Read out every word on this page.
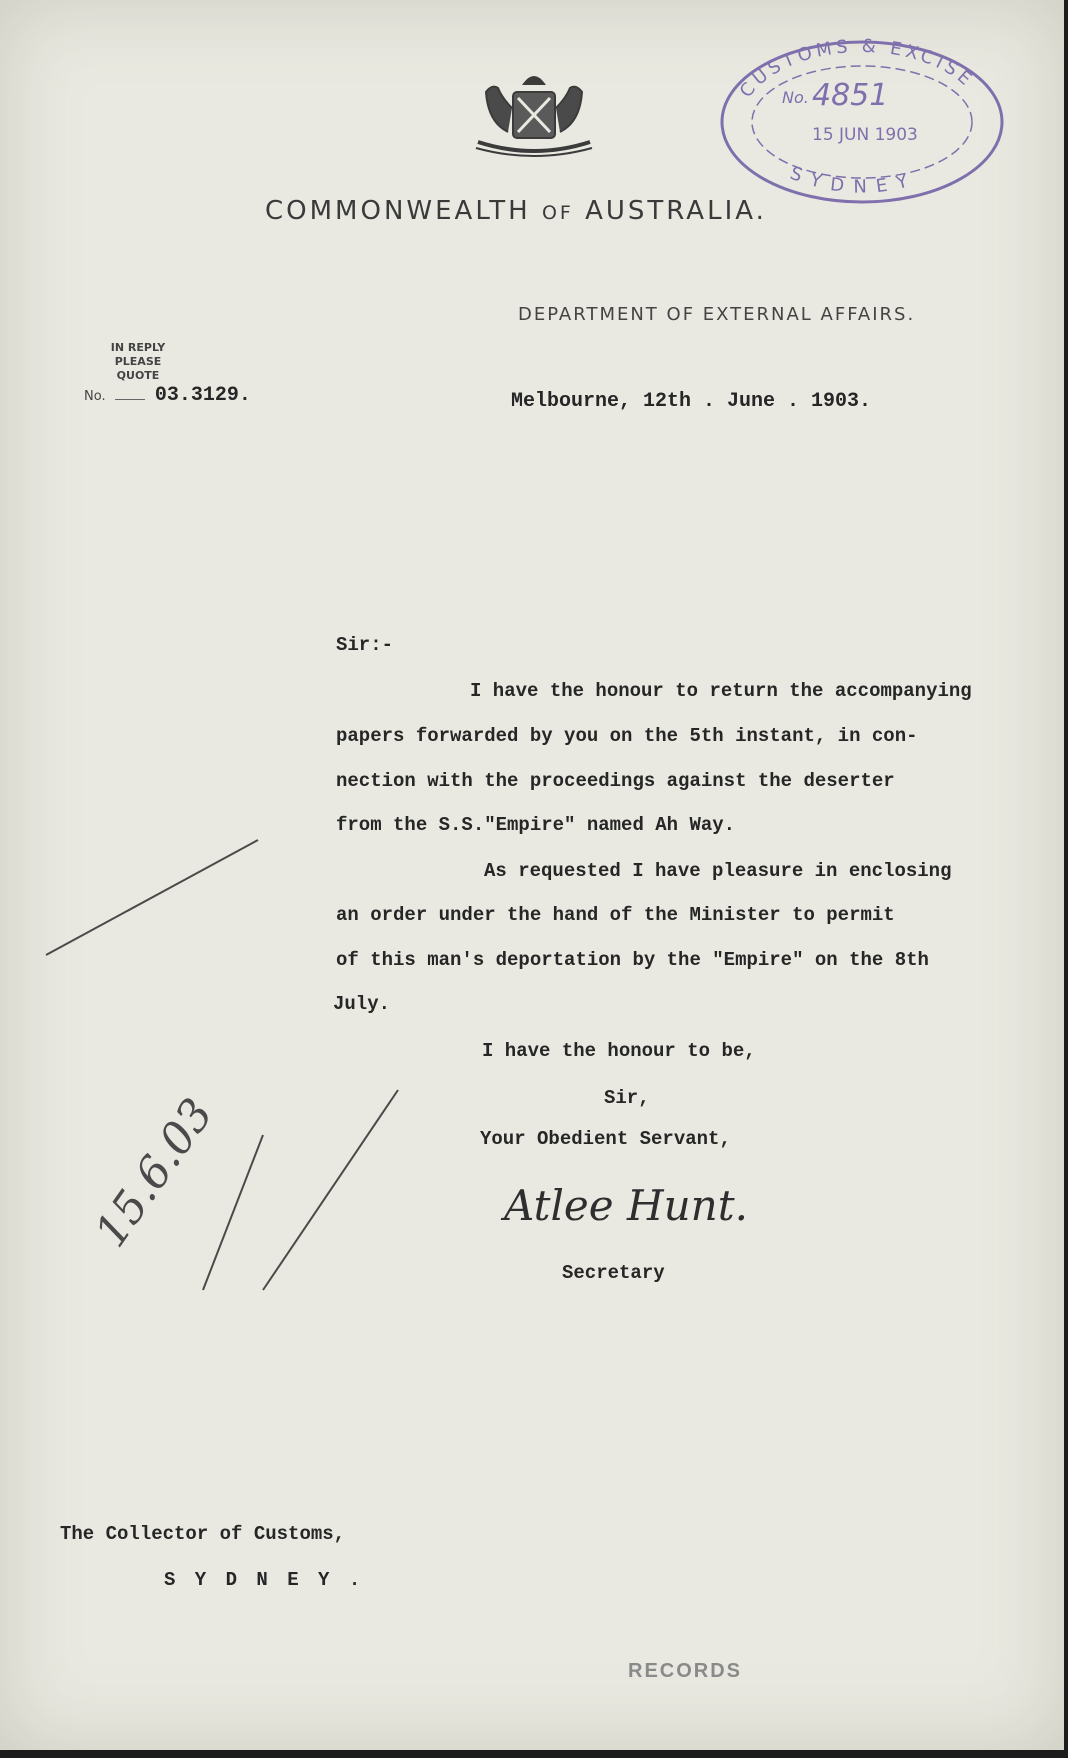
COMMONWEALTH OF AUSTRALIA.
CUSTOMS & EXCISE
SYDNEY
No. 4851
15 JUN 1903
DEPARTMENT OF EXTERNAL AFFAIRS.
IN REPLY
PLEASE QUOTE
No. 03.3129.	Melbourne, 12th . June . 1903.
Sir:-
I have the honour to return the accompanying
papers forwarded by you on the 5th instant, in con-
nection with the proceedings against the deserter
from the S.S."Empire" named Ah Way.
As requested I have pleasure in enclosing
an order under the hand of the Minister to permit
of this man's deportation by the "Empire" on the 8th
July.
I have the honour to be,
Sir,
Your Obedient Servant,
Atlee Hunt.
Secretary
15.6.03
The Collector of Customs,
S Y D N E Y .
RECORDS
